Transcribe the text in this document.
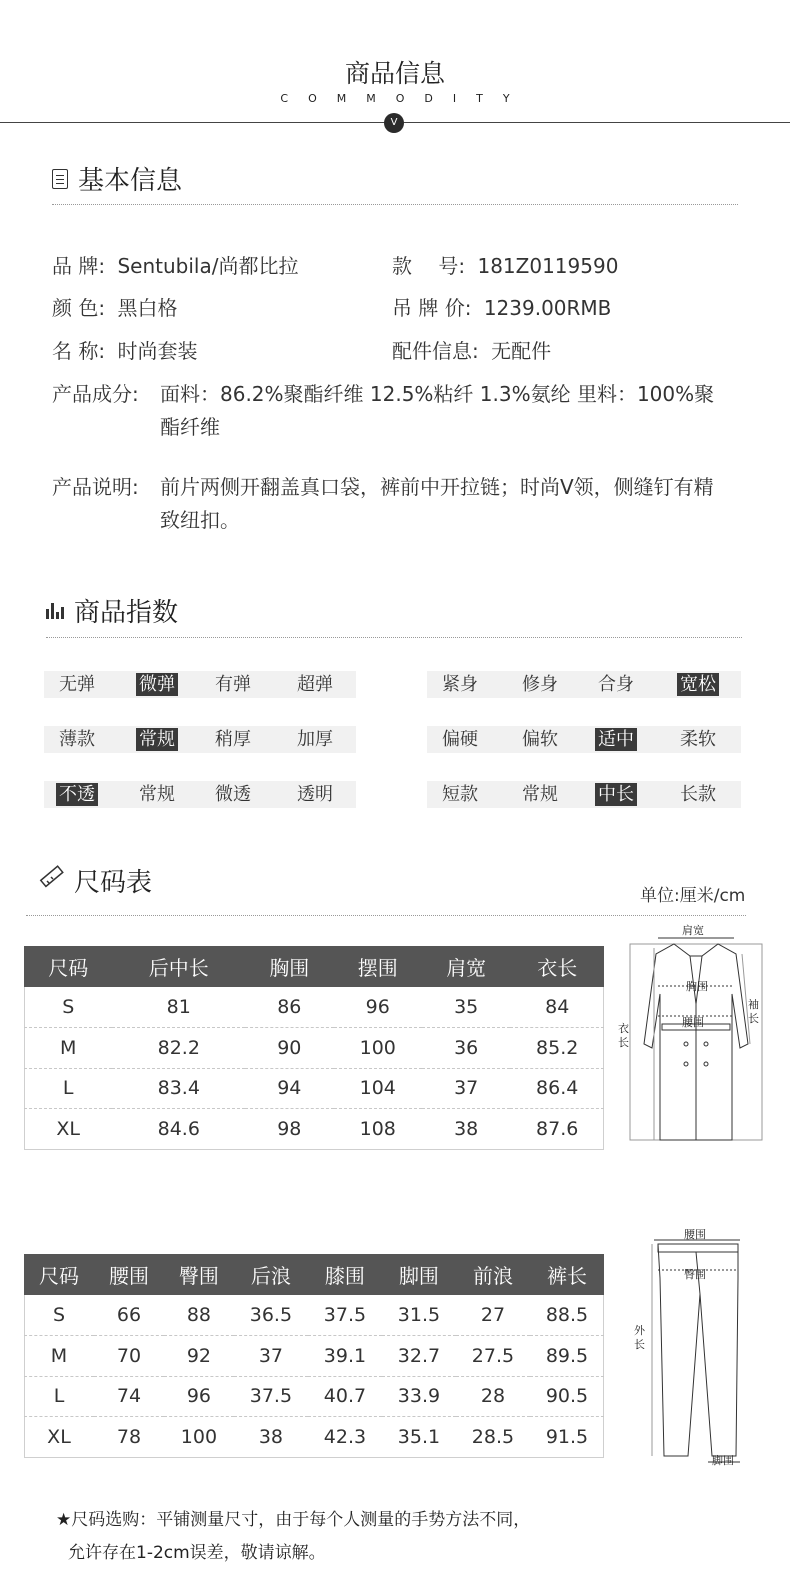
商品信息
COMMODITY
V
基本信息
品 牌: Sentubila/尚都比拉	款　 号: 181Z0119590
颜 色: 黑白格	吊 牌 价: 1239.00RMB
名 称: 时尚套装	配件信息: 无配件
产品成分: 面料：86.2%聚酯纤维 12.5%粘纤 1.3%氨纶 里料：100%聚酯纤维
产品说明: 前片两侧开翻盖真口袋，裤前中开拉链；时尚V领，侧缝钉有精致纽扣。
商品指数
无弹 微弹 有弹	超弹	紧身 修身 合身	宽松
薄款 常规 稍厚	加厚	偏硬 偏软 适中	柔软
不透 常规 微透	透明	短款 常规 中长	长款
尺码表	单位:厘米/cm
尺码	后中长	胸围	摆围	肩宽	衣长
S	81	86	96	35	84
M	82.2	90	100	36	85.2
L	83.4	94	104	37	86.4
XL	84.6	98	108	38	87.6
肩宽
胸围
腰围
衣
长
袖
长
尺码	腰围	臀围	后浪	膝围	脚围	前浪	裤长
S	66	88	36.5	37.5	31.5	27	88.5
M	70	92	37	39.1	32.7	27.5	89.5
L	74	96	37.5	40.7	33.9	28	90.5
XL	78	100	38	42.3	35.1	28.5	91.5
腰围
臀围
外
长
脚围
★尺码选购：平铺测量尺寸，由于每个人测量的手势方法不同，
允许存在1-2cm误差，敬请谅解。
